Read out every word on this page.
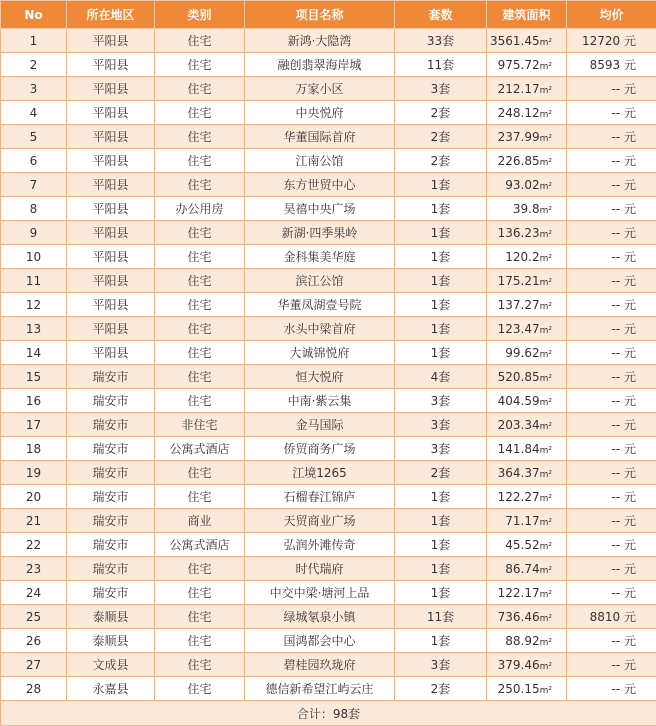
No	所在地区	类别	项目名称	套数	建筑面积	均价
1	平阳县	住宅	新鸿·大隐湾	33套	3561.45m²	12720 元
2	平阳县	住宅	融创翡翠海岸城	11套	975.72m²	8593 元
3	平阳县	住宅	万家小区	3套	212.17m²	-- 元
4	平阳县	住宅	中央悦府	2套	248.12m²	-- 元
5	平阳县	住宅	华董国际首府	2套	237.99m²	-- 元
6	平阳县	住宅	江南公馆	2套	226.85m²	-- 元
7	平阳县	住宅	东方世贸中心	1套	93.02m²	-- 元
8	平阳县	办公用房	昊禧中央广场	1套	39.8m²	-- 元
9	平阳县	住宅	新湖·四季果岭	1套	136.23m²	-- 元
10	平阳县	住宅	金科集美华庭	1套	120.2m²	-- 元
11	平阳县	住宅	滨江公馆	1套	175.21m²	-- 元
12	平阳县	住宅	华董凤湖壹号院	1套	137.27m²	-- 元
13	平阳县	住宅	水头中梁首府	1套	123.47m²	-- 元
14	平阳县	住宅	大诚锦悦府	1套	99.62m²	-- 元
15	瑞安市	住宅	恒大悦府	4套	520.85m²	-- 元
16	瑞安市	住宅	中南·紫云集	3套	404.59m²	-- 元
17	瑞安市	非住宅	金马国际	3套	203.34m²	-- 元
18	瑞安市	公寓式酒店	侨贸商务广场	3套	141.84m²	-- 元
19	瑞安市	住宅	江境1265	2套	364.37m²	-- 元
20	瑞安市	住宅	石榴春江锦庐	1套	122.27m²	-- 元
21	瑞安市	商业	天贸商业广场	1套	71.17m²	-- 元
22	瑞安市	公寓式酒店	弘润外滩传奇	1套	45.52m²	-- 元
23	瑞安市	住宅	时代瑞府	1套	86.74m²	-- 元
24	瑞安市	住宅	中交中梁·塘河上品	1套	122.17m²	-- 元
25	泰顺县	住宅	绿城氡泉小镇	11套	736.46m²	8810 元
26	泰顺县	住宅	国鸿都会中心	1套	88.92m²	-- 元
27	文成县	住宅	碧桂园玖珑府	3套	379.46m²	-- 元
28	永嘉县	住宅	德信新希望江屿云庄	2套	250.15m²	-- 元
合计：98套						
